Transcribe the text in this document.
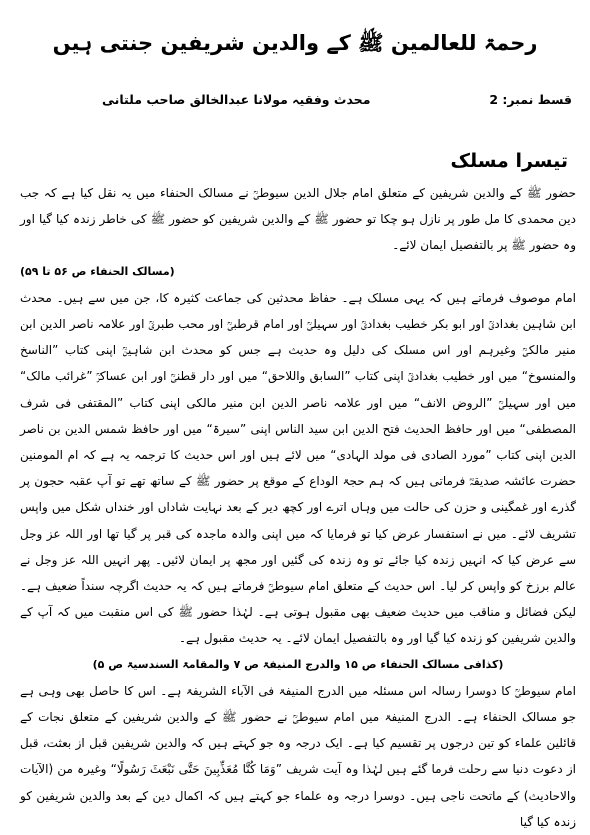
رحمۃ للعالمین ﷺ کے والدین شریفین جنتی ہیں
قسط نمبر: 2
محدث وفقیہ مولانا عبدالخالق صاحب ملتانی
تیسرا مسلک

حضور ﷺ کے والدین شریفین کے متعلق امام جلال الدین سیوطیؒ نے مسالک الحنفاء میں یہ نقل کیا ہے کہ جب دین محمدی کا مل طور پر نازل ہو چکا تو حضور ﷺ کے والدین شریفین کو حضور ﷺ کی خاطر زندہ کیا گیا اور وہ حضور ﷺ پر بالتفصیل ایمان لائے۔

(مسالک الحنفاء ص ۵۶ تا ۵۹)

امام موصوف فرماتے ہیں کہ یہی مسلک ہے۔ حفاظ محدثین کی جماعت کثیرہ کا، جن میں سے ہیں۔ محدث ابن شاہین بغدادیؒ اور ابو بکر خطیب بغدادیؒ اور سہیلیؒ اور امام قرطبیؒ اور محب طبریؒ اور علامہ ناصر الدین ابن منیر مالکیؒ وغیرہم اور اس مسلک کی دلیل وہ حدیث ہے جس کو محدث ابن شاہینؒ اپنی کتاب ”الناسخ والمنسوخ“ میں اور خطیب بغدادیؒ اپنی کتاب ”السابق واللاحق“ میں اور دار قطنیؒ اور ابن عساکرؒ ”غرائب مالک“ میں اور سہیلیؒ ”الروض الانف“ میں اور علامہ ناصر الدین ابن منیر مالکی اپنی کتاب ”المقتفی فی شرف المصطفی“ میں اور حافظ الحدیث فتح الدین ابن سید الناس اپنی ”سیرۃ“ میں اور حافظ شمس الدین بن ناصر الدین اپنی کتاب ”مورد الصادی فی مولد الہادی“ میں لائے ہیں اور اس حدیث کا ترجمہ یہ ہے کہ ام المومنین حضرت عائشہ صدیقہؓ فرماتی ہیں کہ ہم حجۃ الوداع کے موقع پر حضور ﷺ کے ساتھ تھے تو آپ عقبہ حجون پر گذرے اور غمگینی و حزن کی حالت میں وہاں اترے اور کچھ دیر کے بعد نہایت شاداں اور خنداں شکل میں واپس تشریف لائے۔ میں نے استفسار عرض کیا تو فرمایا کہ میں اپنی والدہ ماجدہ کی قبر پر گیا تھا اور اللہ عز وجل سے عرض کیا کہ انہیں زندہ کیا جائے تو وہ زندہ کی گئیں اور مجھ پر ایمان لائیں۔ پھر انہیں اللہ عز وجل نے عالم برزخ کو واپس کر لیا۔ اس حدیث کے متعلق امام سیوطیؒ فرماتے ہیں کہ یہ حدیث اگرچہ سنداً ضعیف ہے۔ لیکن فضائل و مناقب میں حدیث ضعیف بھی مقبول ہوتی ہے۔ لہٰذا حضور ﷺ کی اس منقبت میں کہ آپ کے والدین شریفین کو زندہ کیا گیا اور وہ بالتفصیل ایمان لائے۔ یہ حدیث مقبول ہے۔

(کذافی مسالک الحنفاء ص ۱۵ والدرج المنیفۃ ص ۷ والمقامۃ السندسیۃ ص ۵)

امام سیوطیؒ کا دوسرا رسالہ اس مسئلہ میں الدرج المنیفۃ فی الآباء الشریفۃ ہے۔ اس کا حاصل بھی وہی ہے جو مسالک الحنفاء ہے۔ الدرج المنیفۃ میں امام سیوطیؒ نے حضور ﷺ کے والدین شریفین کے متعلق نجات کے قائلین علماء کو تین درجوں پر تقسیم کیا ہے۔ ایک درجہ وہ جو کہتے ہیں کہ والدین شریفین قبل از بعثت، قبل از دعوت دنیا سے رحلت فرما گئے ہیں لہٰذا وہ آیت شریف ”وَمَا كُنَّا مُعَذِّبِينَ حَتَّى نَبْعَثَ رَسُولًا“ وغیرہ من (الآیات والاحادیث) کے ماتحت ناجی ہیں۔ دوسرا درجہ وہ علماء جو کہتے ہیں کہ اکمال دین کے بعد والدین شریفین کو زندہ کیا گیا
